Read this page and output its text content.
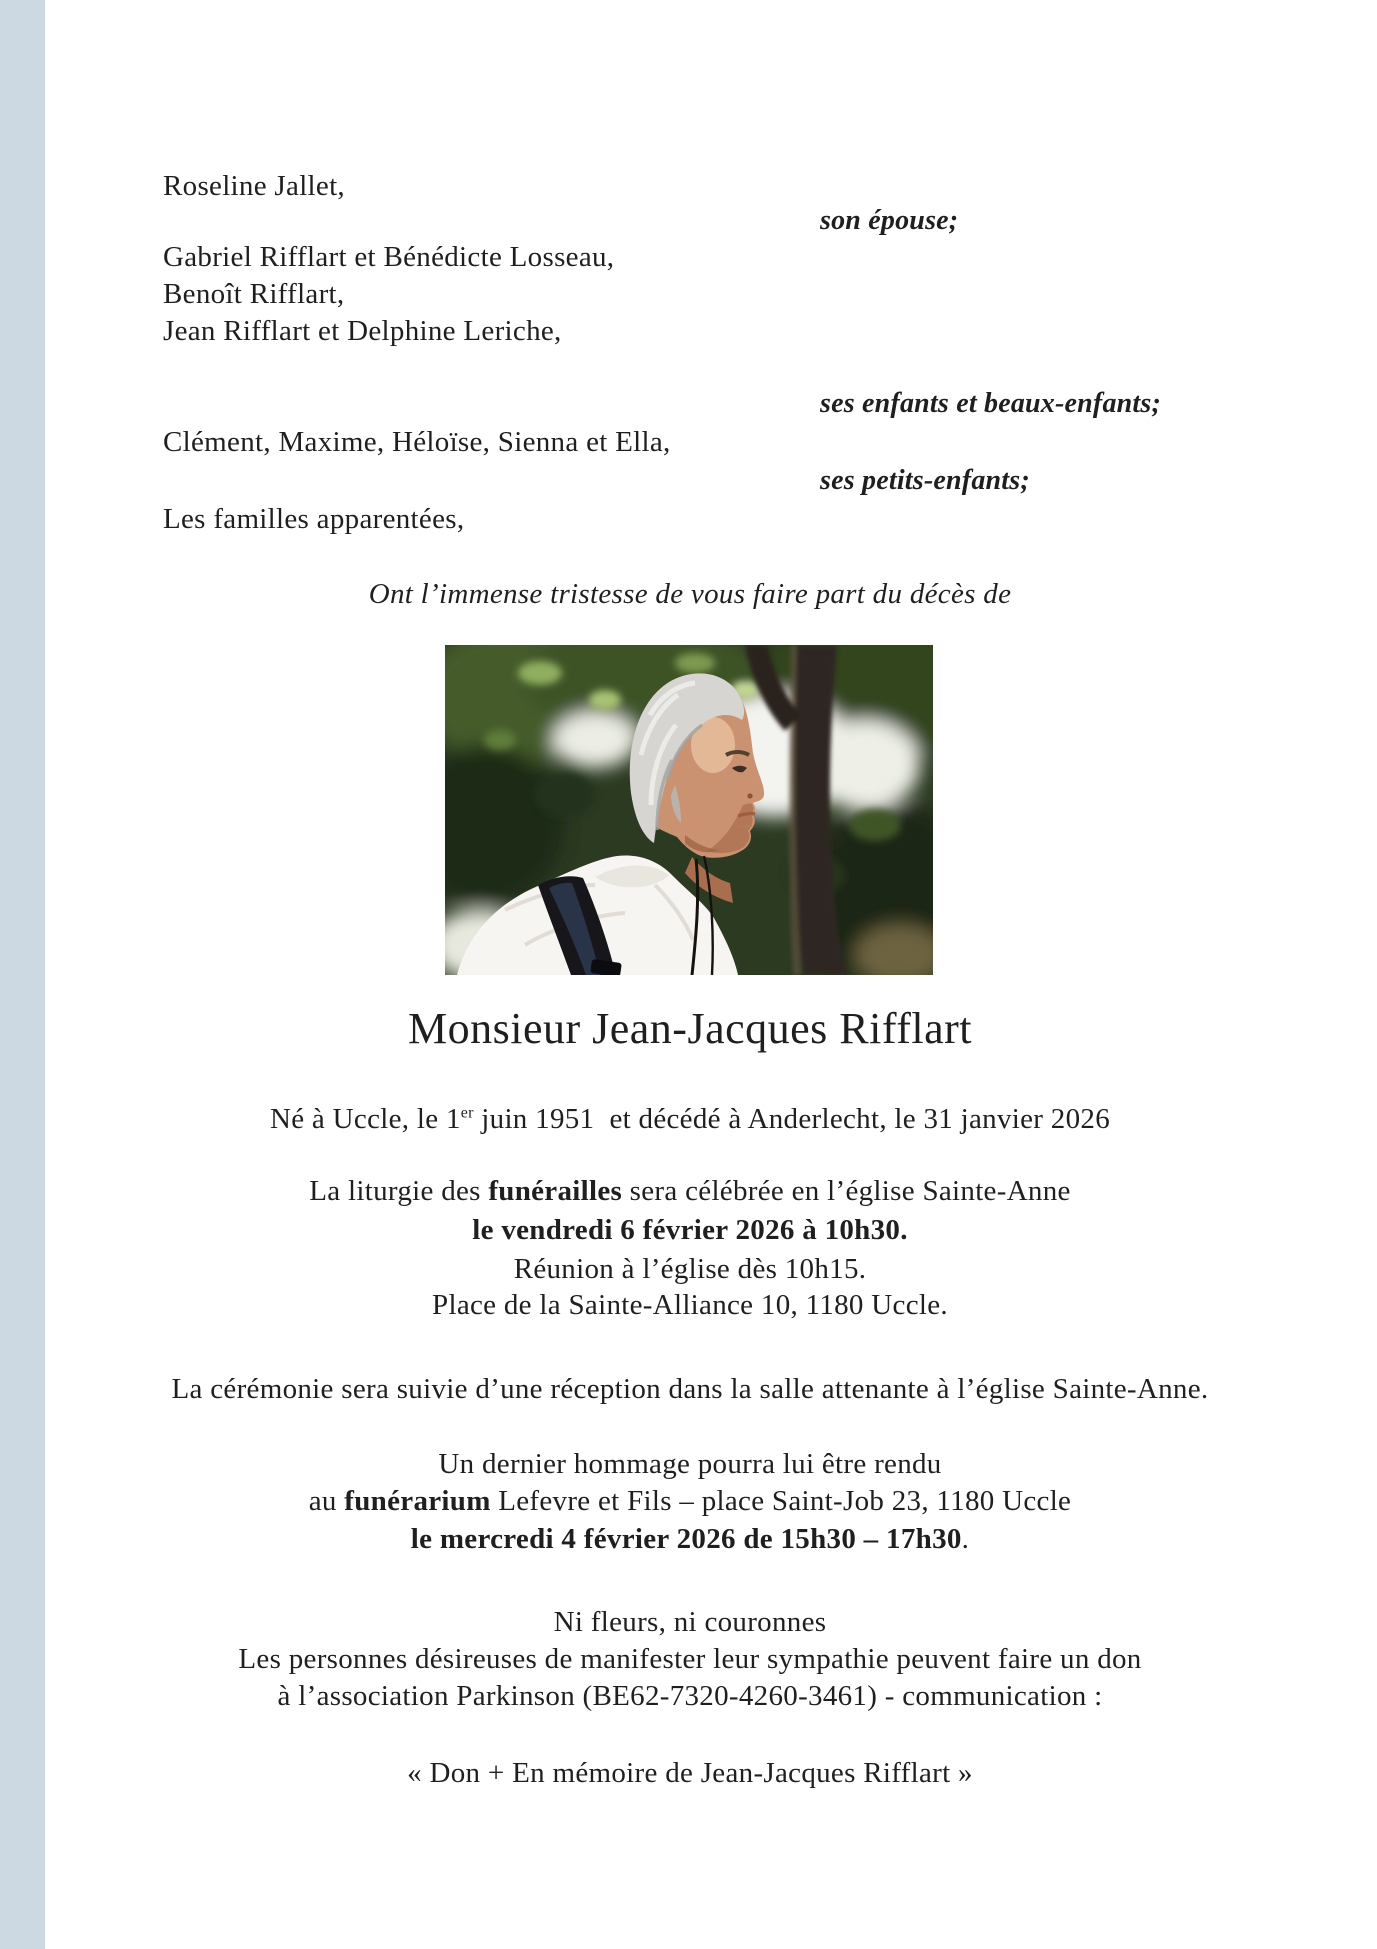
Roseline Jallet,
son épouse;
Gabriel Rifflart et Bénédicte Losseau,
Benoît Rifflart,
Jean Rifflart et Delphine Leriche,
ses enfants et beaux-enfants;
Clément, Maxime, Héloïse, Sienna et Ella,
ses petits-enfants;
Les familles apparentées,
Ont l’immense tristesse de vous faire part du décès de
Monsieur Jean-Jacques Rifflart
Né à Uccle, le 1er juin 1951  et décédé à Anderlecht, le 31 janvier 2026
La liturgie des funérailles sera célébrée en l’église Sainte-Anne
le vendredi 6 février 2026 à 10h30.
Réunion à l’église dès 10h15.
Place de la Sainte-Alliance 10, 1180 Uccle.
La cérémonie sera suivie d’une réception dans la salle attenante à l’église Sainte-Anne.
Un dernier hommage pourra lui être rendu
au funérarium Lefevre et Fils – place Saint-Job 23, 1180 Uccle
le mercredi 4 février 2026 de 15h30 – 17h30.
Ni fleurs, ni couronnes
Les personnes désireuses de manifester leur sympathie peuvent faire un don
à l’association Parkinson (BE62-7320-4260-3461) - communication :
« Don + En mémoire de Jean-Jacques Rifflart »
